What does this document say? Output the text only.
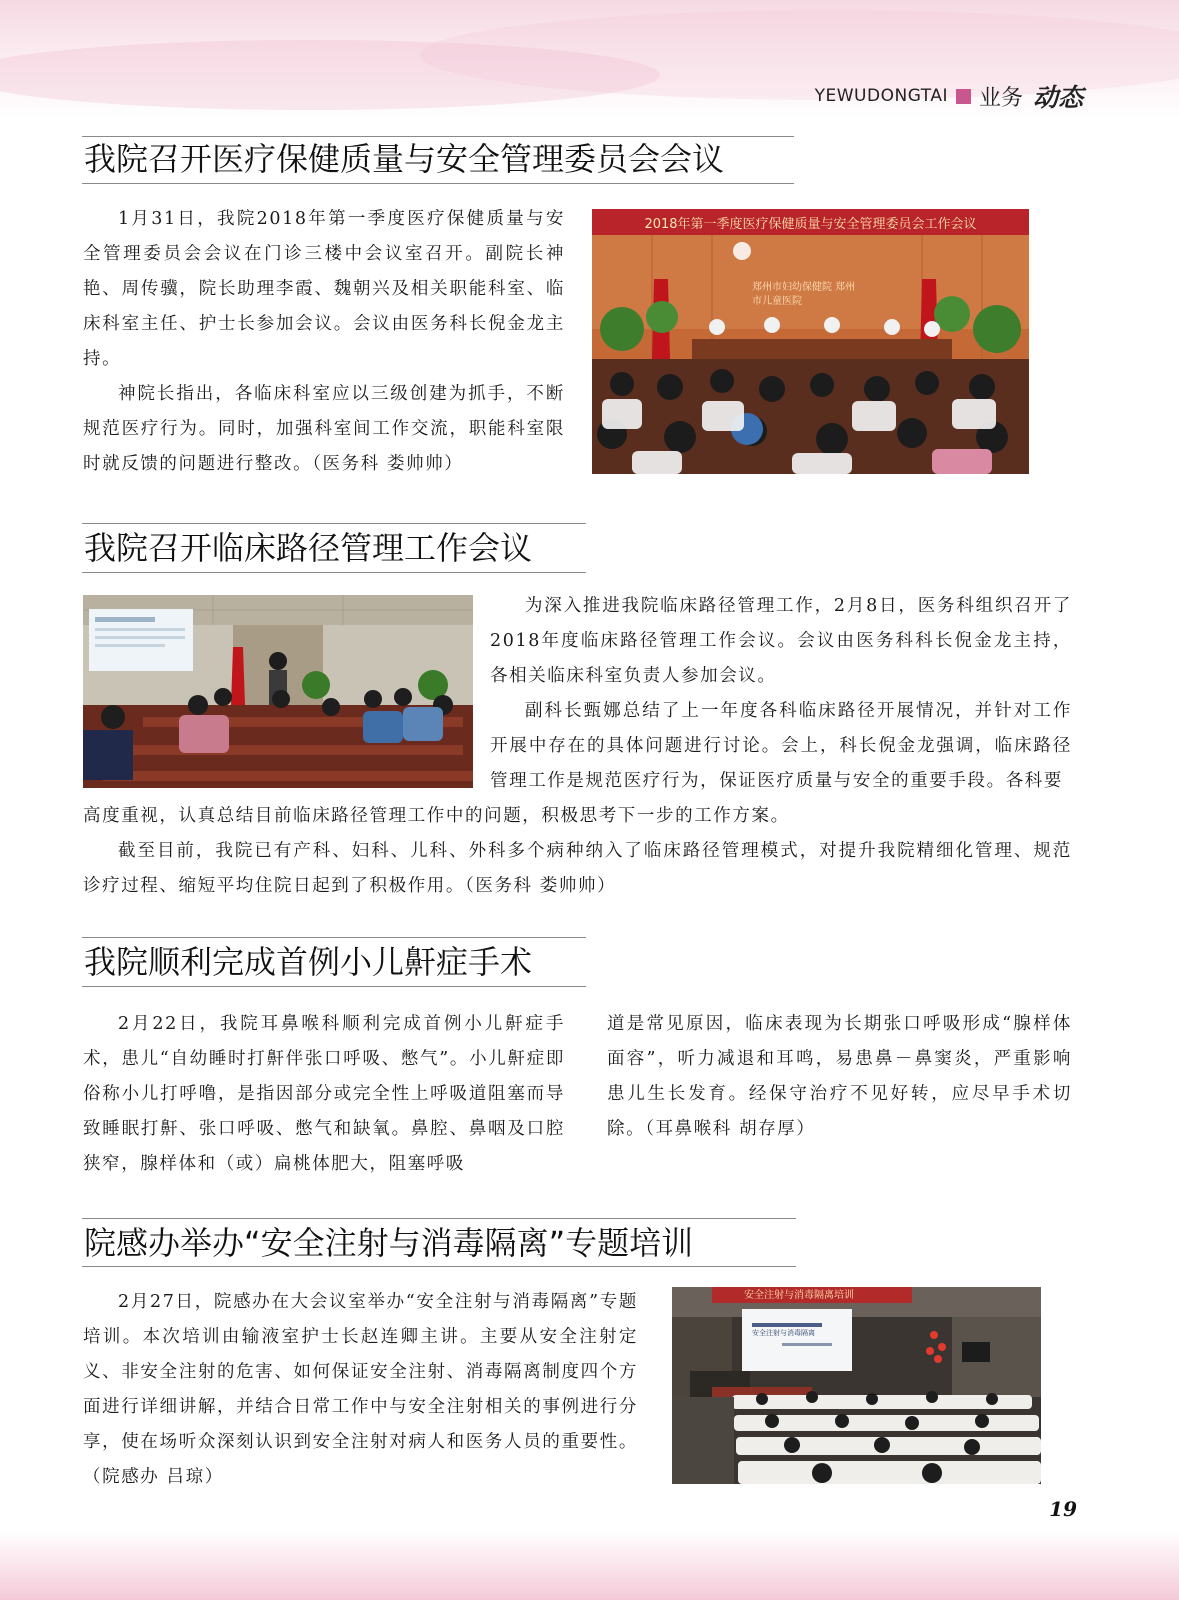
YEWUDONGTAI 业务 动态
我院召开医疗保健质量与安全管理委员会会议

1月31日，我院2018年第一季度医疗保健质量与安全管理委员会会议在门诊三楼中会议室召开。副院长神艳、周传骥，院长助理李霞、魏朝兴及相关职能科室、临床科室主任、护士长参加会议。会议由医务科长倪金龙主持。

神院长指出，各临床科室应以三级创建为抓手，不断规范医疗行为。同时，加强科室间工作交流，职能科室限时就反馈的问题进行整改。（医务科 娄帅帅）

2018年第一季度医疗保健质量与安全管理委员会工作会议
郑州市妇幼保健院 郑州市儿童医院
我院召开临床路径管理工作会议

为深入推进我院临床路径管理工作，2月8日，医务科组织召开了2018年度临床路径管理工作会议。会议由医务科科长倪金龙主持，各相关临床科室负责人参加会议。

副科长甄娜总结了上一年度各科临床路径开展情况，并针对工作开展中存在的具体问题进行讨论。会上，科长倪金龙强调，临床路径管理工作是规范医疗行为，保证医疗质量与安全的重要手段。各科要

高度重视，认真总结目前临床路径管理工作中的问题，积极思考下一步的工作方案。

截至目前，我院已有产科、妇科、儿科、外科多个病种纳入了临床路径管理模式，对提升我院精细化管理、规范诊疗过程、缩短平均住院日起到了积极作用。（医务科 娄帅帅）

我院顺利完成首例小儿鼾症手术

2月22日，我院耳鼻喉科顺利完成首例小儿鼾症手术，患儿“自幼睡时打鼾伴张口呼吸、憋气”。小儿鼾症即俗称小儿打呼噜，是指因部分或完全性上呼吸道阻塞而导致睡眠打鼾、张口呼吸、憋气和缺氧。鼻腔、鼻咽及口腔狭窄，腺样体和（或）扁桃体肥大，阻塞呼吸

道是常见原因，临床表现为长期张口呼吸形成“腺样体面容”，听力减退和耳鸣，易患鼻－鼻窦炎，严重影响患儿生长发育。经保守治疗不见好转，应尽早手术切除。（耳鼻喉科 胡存厚）

院感办举办“安全注射与消毒隔离”专题培训

2月27日，院感办在大会议室举办“安全注射与消毒隔离”专题培训。本次培训由输液室护士长赵连卿主讲。主要从安全注射定义、非安全注射的危害、如何保证安全注射、消毒隔离制度四个方面进行详细讲解，并结合日常工作中与安全注射相关的事例进行分享，使在场听众深刻认识到安全注射对病人和医务人员的重要性。（院感办 吕琼）

安全注射与消毒隔离培训
安全注射与消毒隔离
19
